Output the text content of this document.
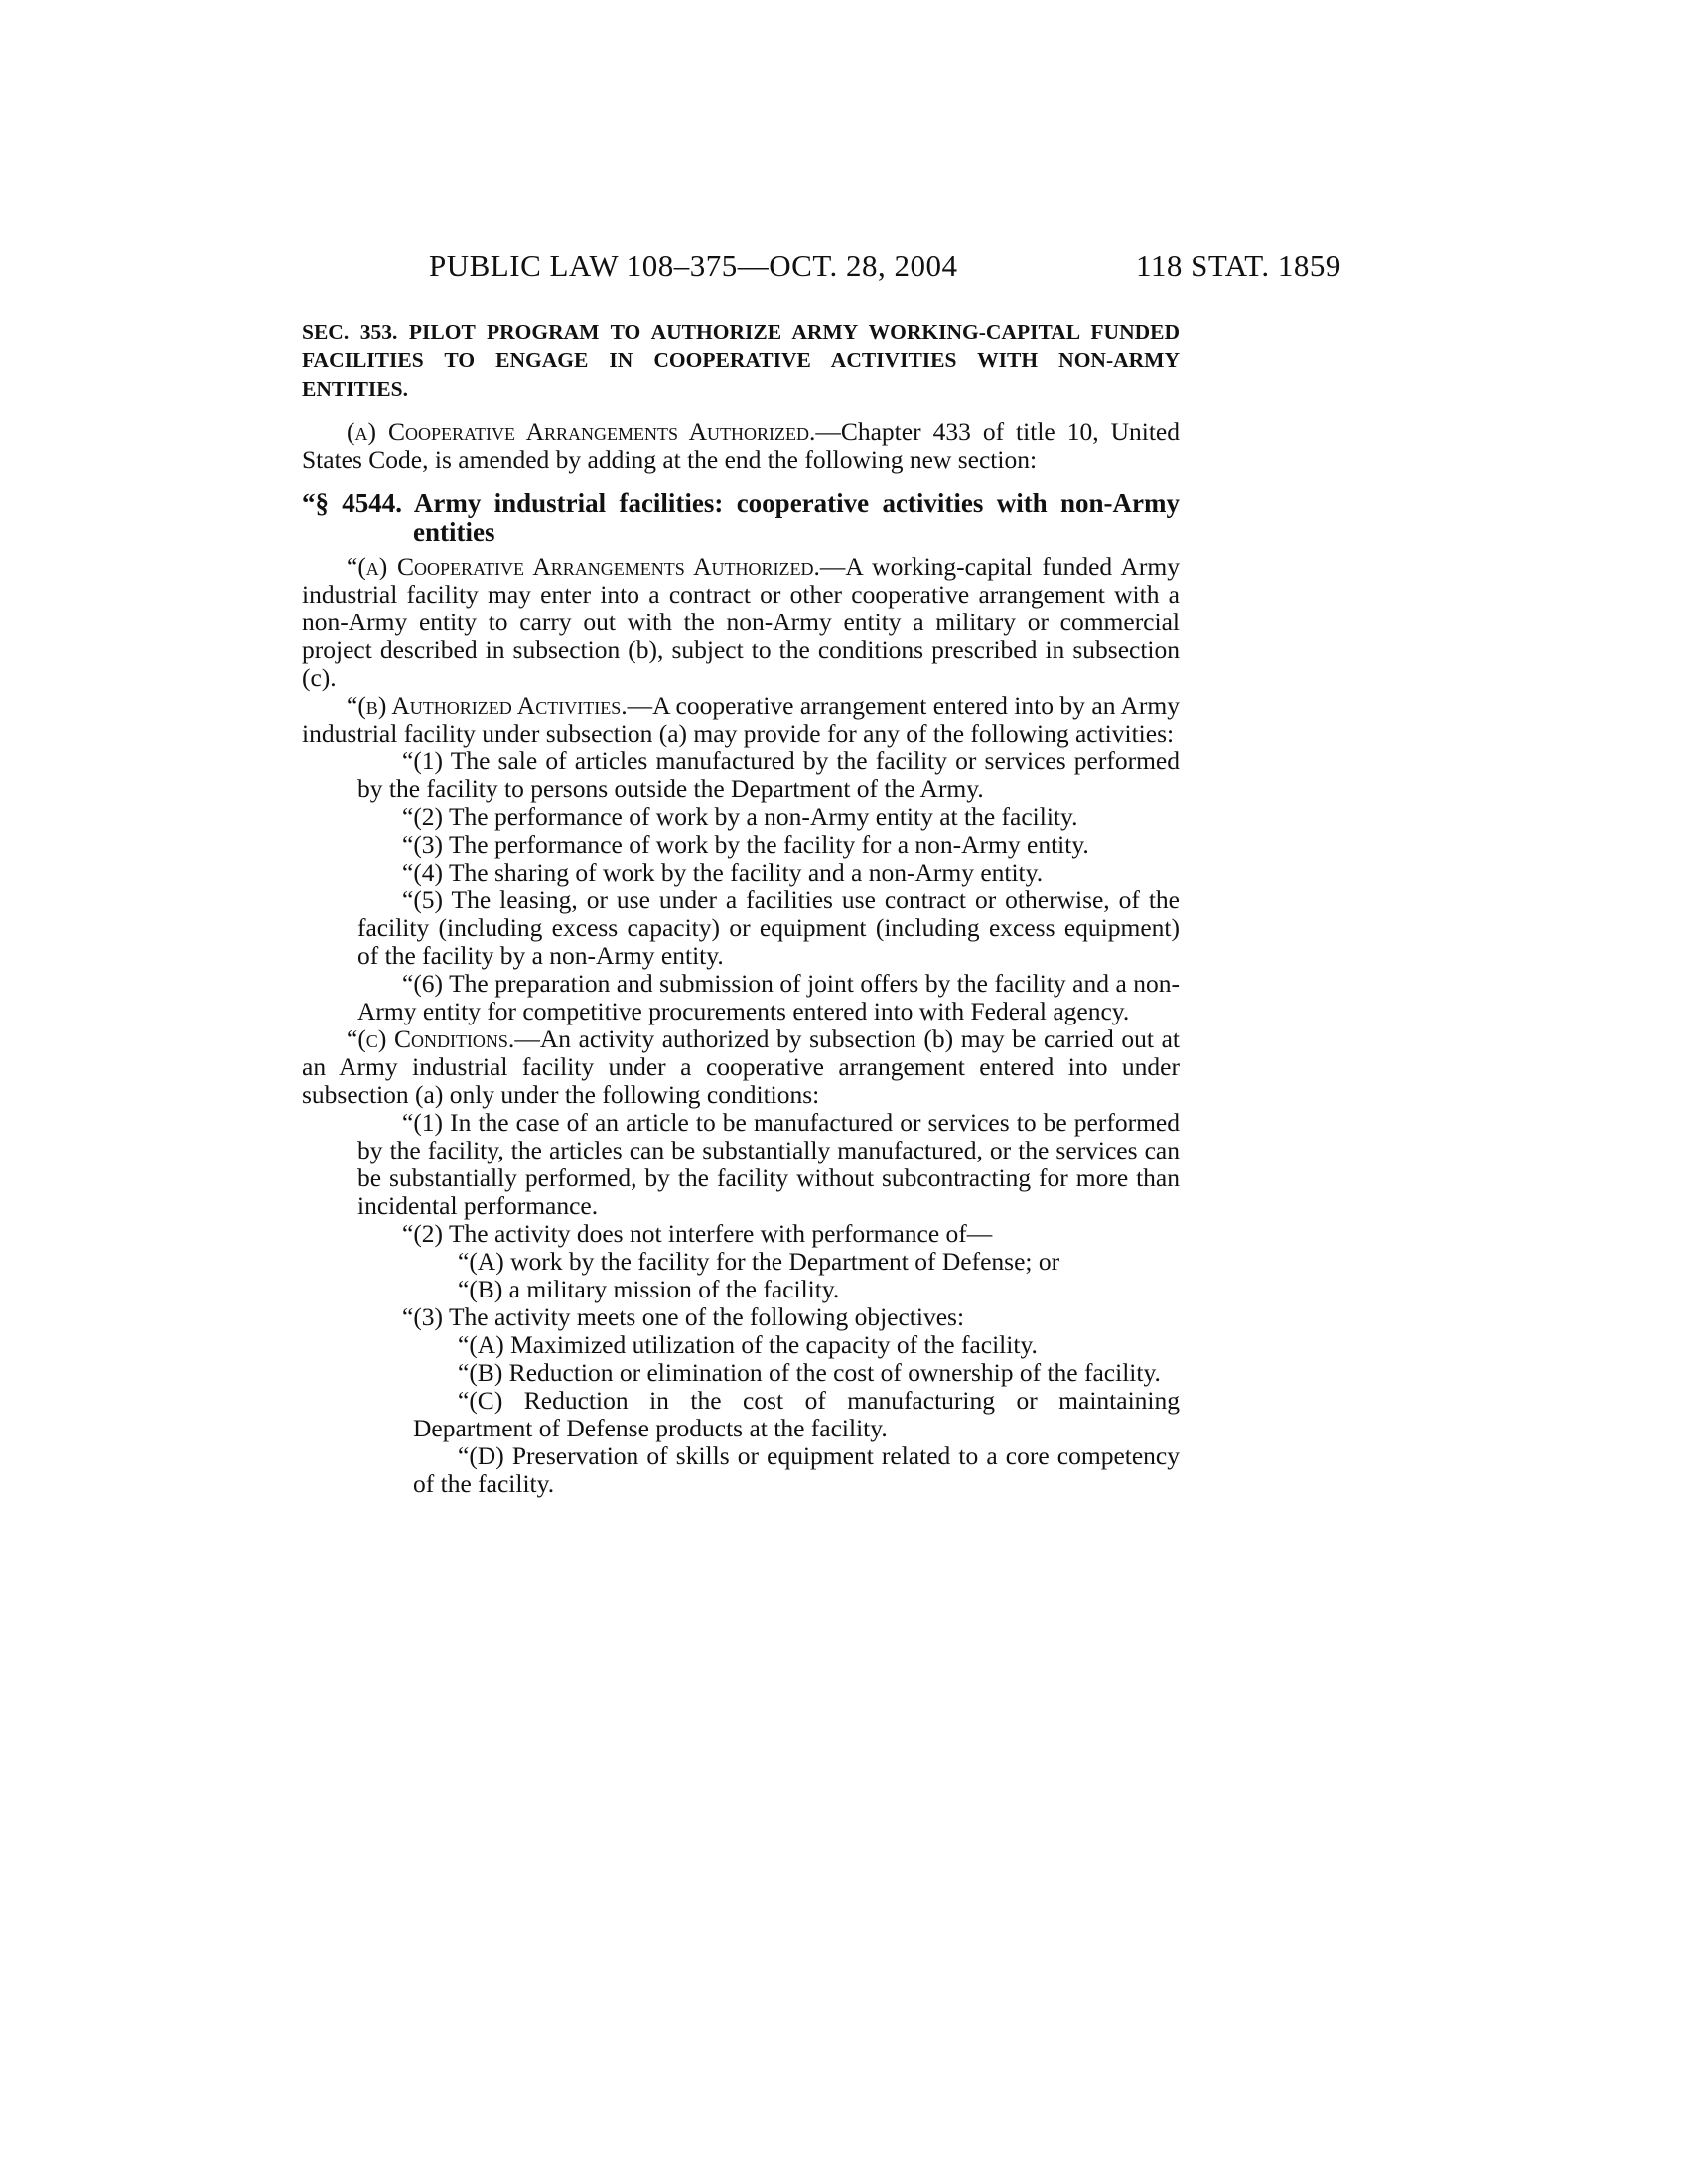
PUBLIC LAW 108–375—OCT. 28, 2004	118 STAT. 1859
SEC. 353. PILOT PROGRAM TO AUTHORIZE ARMY WORKING-CAPITAL FUNDED FACILITIES TO ENGAGE IN COOPERATIVE ACTIVITIES WITH NON-ARMY ENTITIES.

(a) Cooperative Arrangements Authorized.—Chapter 433 of title 10, United States Code, is amended by adding at the end the following new section:

“§ 4544. Army industrial facilities: cooperative activities with non-Army entities

“(a) Cooperative Arrangements Authorized.—A working-capital funded Army industrial facility may enter into a contract or other cooperative arrangement with a non-Army entity to carry out with the non-Army entity a military or commercial project described in subsection (b), subject to the conditions prescribed in subsection (c).

“(b) Authorized Activities.—A cooperative arrangement entered into by an Army industrial facility under subsection (a) may provide for any of the following activities:

“(1) The sale of articles manufactured by the facility or services performed by the facility to persons outside the Department of the Army.

“(2) The performance of work by a non-Army entity at the facility.

“(3) The performance of work by the facility for a non-Army entity.

“(4) The sharing of work by the facility and a non-Army entity.

“(5) The leasing, or use under a facilities use contract or otherwise, of the facility (including excess capacity) or equipment (including excess equipment) of the facility by a non-Army entity.

“(6) The preparation and submission of joint offers by the facility and a non-Army entity for competitive procurements entered into with Federal agency.

“(c) Conditions.—An activity authorized by subsection (b) may be carried out at an Army industrial facility under a cooperative arrangement entered into under subsection (a) only under the following conditions:

“(1) In the case of an article to be manufactured or services to be performed by the facility, the articles can be substantially manufactured, or the services can be substantially performed, by the facility without subcontracting for more than incidental performance.

“(2) The activity does not interfere with performance of—

“(A) work by the facility for the Department of Defense; or

“(B) a military mission of the facility.

“(3) The activity meets one of the following objectives:

“(A) Maximized utilization of the capacity of the facility.

“(B) Reduction or elimination of the cost of ownership of the facility.

“(C) Reduction in the cost of manufacturing or maintaining Department of Defense products at the facility.

“(D) Preservation of skills or equipment related to a core competency of the facility.
